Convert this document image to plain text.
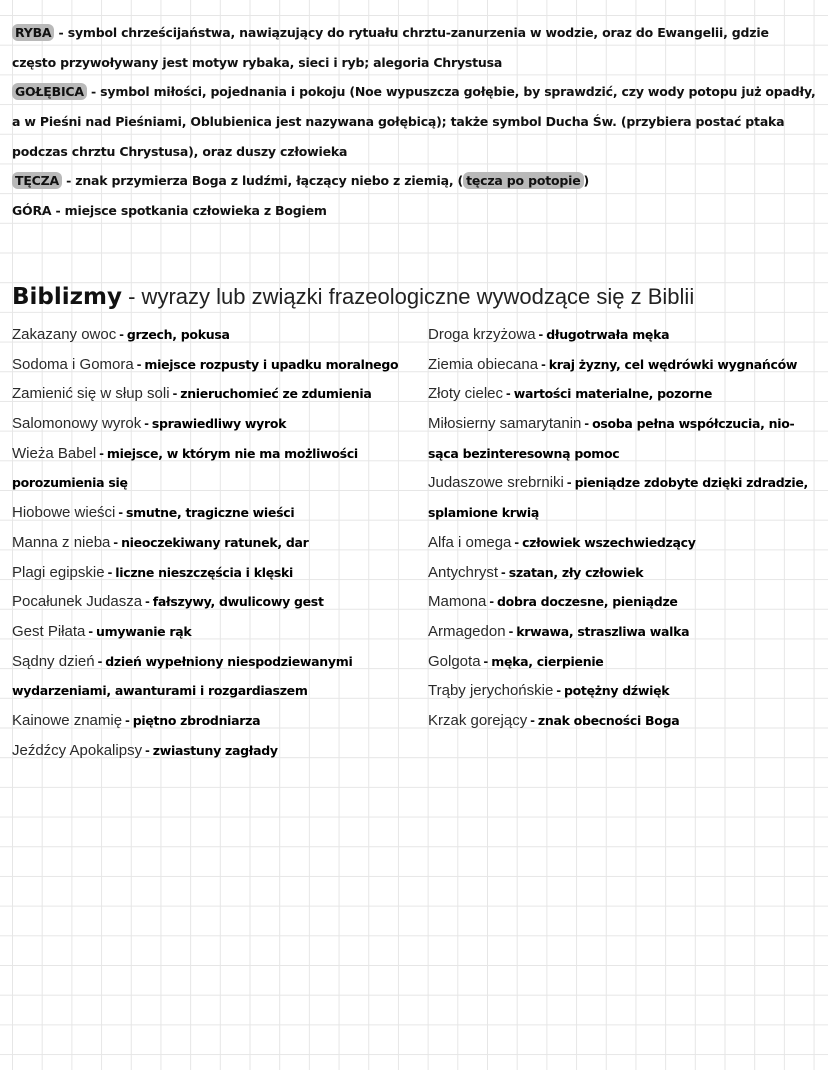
RYBA - symbol chrześcijaństwa, nawiązujący do rytuału chrztu-zanurzenia w wodzie, oraz do Ewangelii, gdzie
często przywoływany jest motyw rybaka, sieci i ryb; alegoria Chrystusa
GOŁĘBICA - symbol miłości, pojednania i pokoju (Noe wypuszcza gołębie, by sprawdzić, czy wody potopu już opadły,
a w Pieśni nad Pieśniami, Oblubienica jest nazywana gołębicą); także symbol Ducha Św. (przybiera postać ptaka
podczas chrztu Chrystusa), oraz duszy człowieka
TĘCZA - znak przymierza Boga z ludźmi, łączący niebo z ziemią, ( tęcza po potopie )
GÓRA - miejsce spotkania człowieka z Bogiem
Biblizmy - wyrazy lub związki frazeologiczne wywodzące się z Biblii
Zakazany owoc - grzech, pokusa
Sodoma i Gomora - miejsce rozpusty i upadku moralnego
Zamienić się w słup soli - znieruchomieć ze zdumienia
Salomonowy wyrok - sprawiedliwy wyrok
Wieża Babel - miejsce, w którym nie ma możliwości
porozumienia się
Hiobowe wieści - smutne, tragiczne wieści
Manna z nieba - nieoczekiwany ratunek, dar
Plagi egipskie - liczne nieszczęścia i klęski
Pocałunek Judasza - fałszywy, dwulicowy gest
Gest Piłata - umywanie rąk
Sądny dzień - dzień wypełniony niespodziewanymi
wydarzeniami, awanturami i rozgardiaszem
Kainowe znamię - piętno zbrodniarza
Jeźdźcy Apokalipsy - zwiastuny zagłady
Droga krzyżowa - długotrwała męka
Ziemia obiecana - kraj żyzny, cel wędrówki wygnańców
Złoty cielec - wartości materialne, pozorne
Miłosierny samarytanin - osoba pełna współczucia, nio-
sąca bezinteresowną pomoc
Judaszowe srebrniki - pieniądze zdobyte dzięki zdradzie,
splamione krwią
Alfa i omega - człowiek wszechwiedzący
Antychryst - szatan, zły człowiek
Mamona - dobra doczesne, pieniądze
Armagedon - krwawa, straszliwa walka
Golgota - męka, cierpienie
Trąby jerychońskie - potężny dźwięk
Krzak gorejący - znak obecności Boga
